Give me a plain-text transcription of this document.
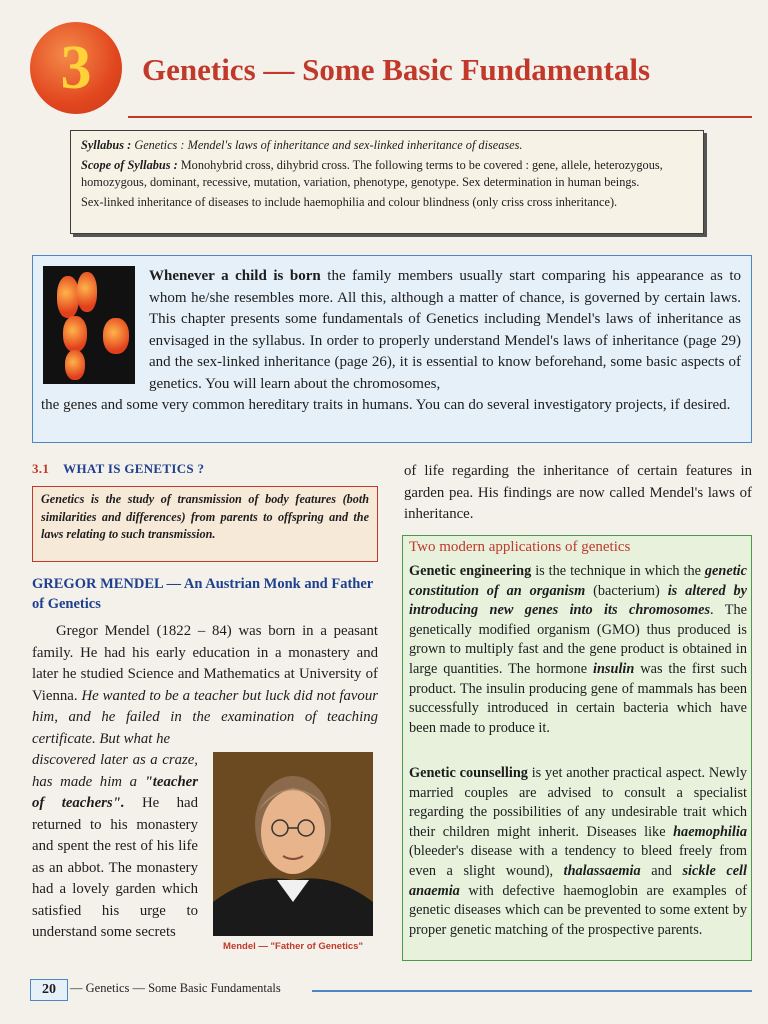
3	Genetics — Some Basic Fundamentals

Syllabus : Genetics : Mendel's laws of inheritance and sex-linked inheritance of diseases.

Scope of Syllabus : Monohybrid cross, dihybrid cross. The following terms to be covered : gene, allele, heterozygous, homozygous, dominant, recessive, mutation, variation, phenotype, genotype. Sex determination in human beings.

Sex-linked inheritance of diseases to include haemophilia and colour blindness (only criss cross inheritance).

Whenever a child is born the family members usually start comparing his appearance as to whom he/she resembles more. All this, although a matter of chance, is governed by certain laws. This chapter presents some fundamentals of Genetics including Mendel's laws of inheritance as envisaged in the syllabus. In order to properly understand Mendel's laws of inheritance (page 29) and the sex-linked inheritance (page 26), it is essential to know beforehand, some basic aspects of genetics. You will learn about the chromosomes,
the genes and some very common hereditary traits in humans. You can do several investigatory projects, if desired.
3.1 WHAT IS GENETICS ?
Genetics is the study of transmission of body features (both similarities and differences) from parents to offspring and the laws relating to such transmission.
GREGOR MENDEL — An Austrian Monk and Father of Genetics
Gregor Mendel (1822 – 84) was born in a peasant family. He had his early education in a monastery and later he studied Science and Mathematics at University of Vienna. He wanted to be a teacher but luck did not favour him, and he failed in the examination of teaching certificate. But what he
discovered later as a craze, has made him a "teacher of teachers". He had returned to his monastery and spent the rest of his life as an abbot. The monastery had a lovely garden which satisfied his urge to understand some secrets
Mendel — "Father of Genetics"
of life regarding the inheritance of certain features in garden pea. His findings are now called Mendel's laws of inheritance.
Two modern applications of genetics
Genetic engineering is the technique in which the genetic constitution of an organism (bacterium) is altered by introducing new genes into its chromosomes. The genetically modified organism (GMO) thus produced is grown to multiply fast and the gene product is obtained in large quantities. The hormone insulin was the first such product. The insulin producing gene of mammals has been successfully introduced in certain bacteria which have been made to produce it.
Genetic counselling is yet another practical aspect. Newly married couples are advised to consult a specialist regarding the possibilities of any undesirable trait which their children might inherit. Diseases like haemophilia (bleeder's disease with a tendency to bleed freely from even a slight wound), thalassaemia and sickle cell anaemia with defective haemoglobin are examples of genetic diseases which can be prevented to some extent by proper genetic matching of the prospective parents.
20	— Genetics — Some Basic Fundamentals
